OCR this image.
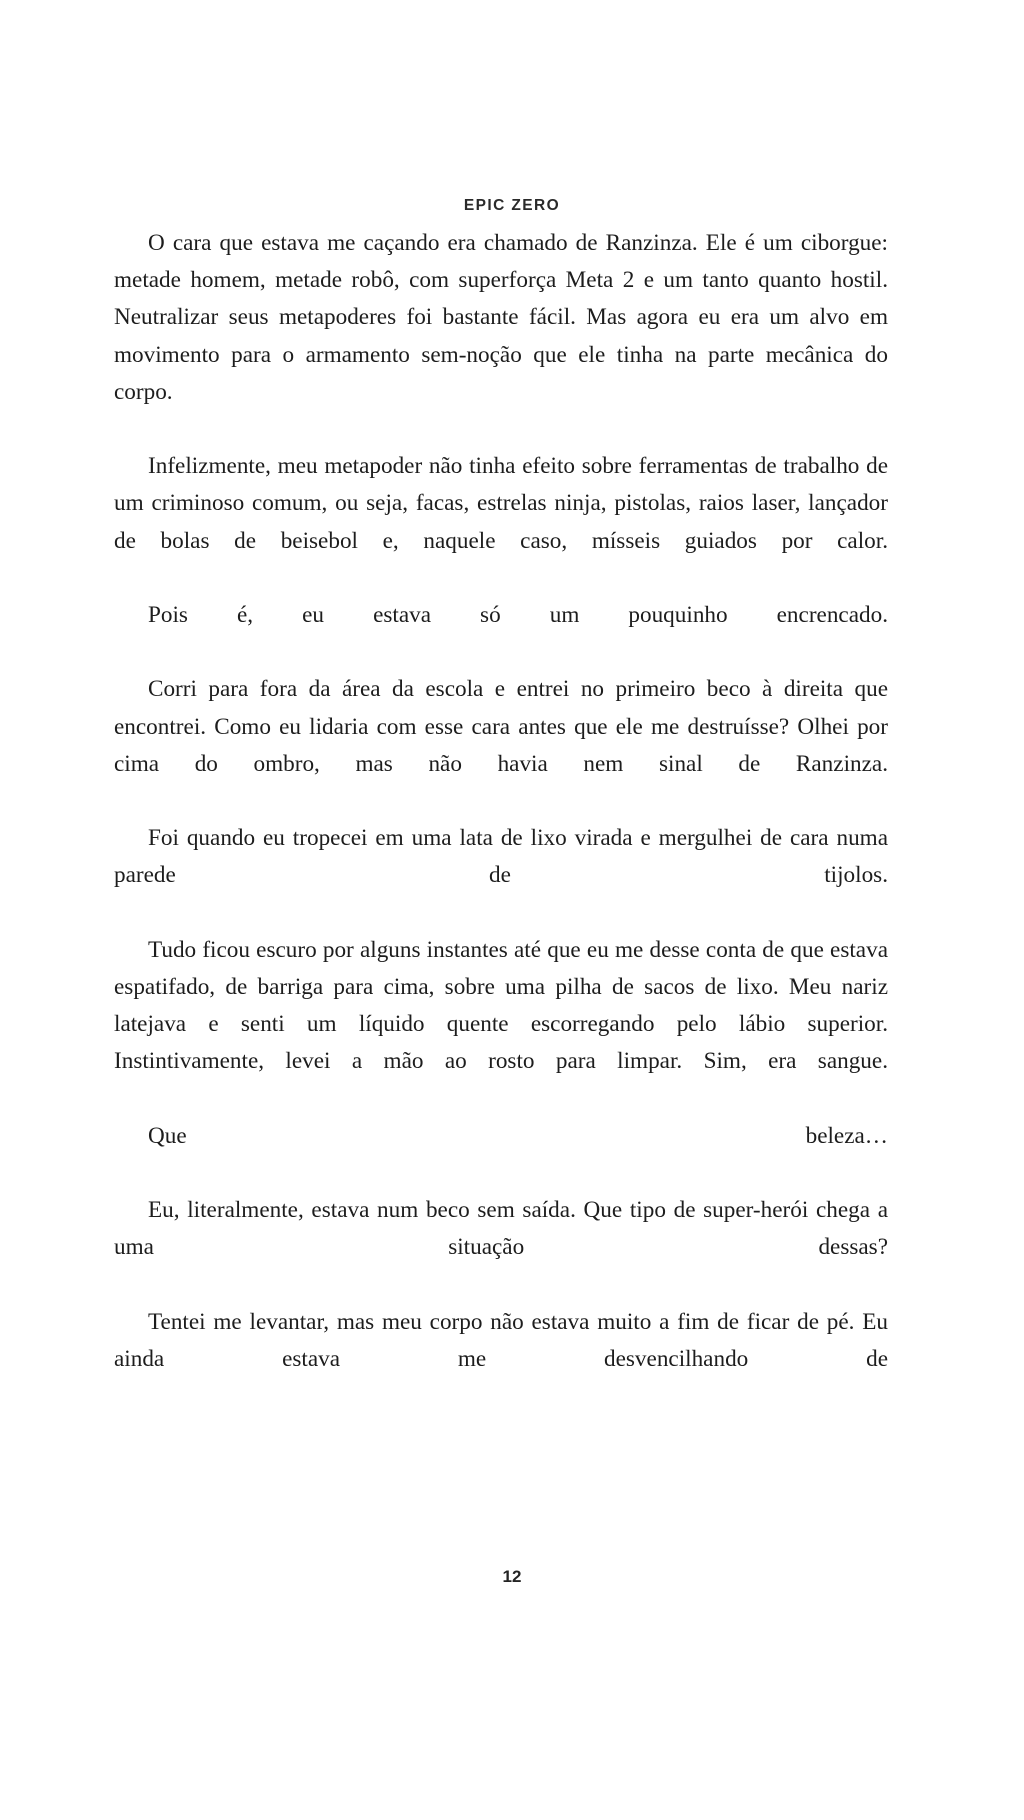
EPIC ZERO

O cara que estava me caçando era chamado de Ranzinza. Ele é um ciborgue: metade homem, metade robô, com superforça Meta 2 e um tanto quanto hostil. Neutralizar seus metapoderes foi bastante fácil. Mas agora eu era um alvo em movimento para o armamento sem-noção que ele tinha na parte mecânica do corpo.

Infelizmente, meu metapoder não tinha efeito sobre ferramentas de trabalho de um criminoso comum, ou seja, facas, estrelas ninja, pistolas, raios laser, lançador de bolas de beisebol e, naquele caso, mísseis guiados por calor.

Pois é, eu estava só um pouquinho encrencado.

Corri para fora da área da escola e entrei no primeiro beco à direita que encontrei. Como eu lidaria com esse cara antes que ele me destruísse? Olhei por cima do ombro, mas não havia nem sinal de Ranzinza.

Foi quando eu tropecei em uma lata de lixo virada e mergulhei de cara numa parede de tijolos.

Tudo ficou escuro por alguns instantes até que eu me desse conta de que estava espatifado, de barriga para cima, sobre uma pilha de sacos de lixo. Meu nariz latejava e senti um líquido quente escorregando pelo lábio superior. Instintivamente, levei a mão ao rosto para limpar. Sim, era sangue.

Que beleza…

Eu, literalmente, estava num beco sem saída. Que tipo de super-herói chega a uma situação dessas?

Tentei me levantar, mas meu corpo não estava muito a fim de ficar de pé. Eu ainda estava me desvencilhando de

12
